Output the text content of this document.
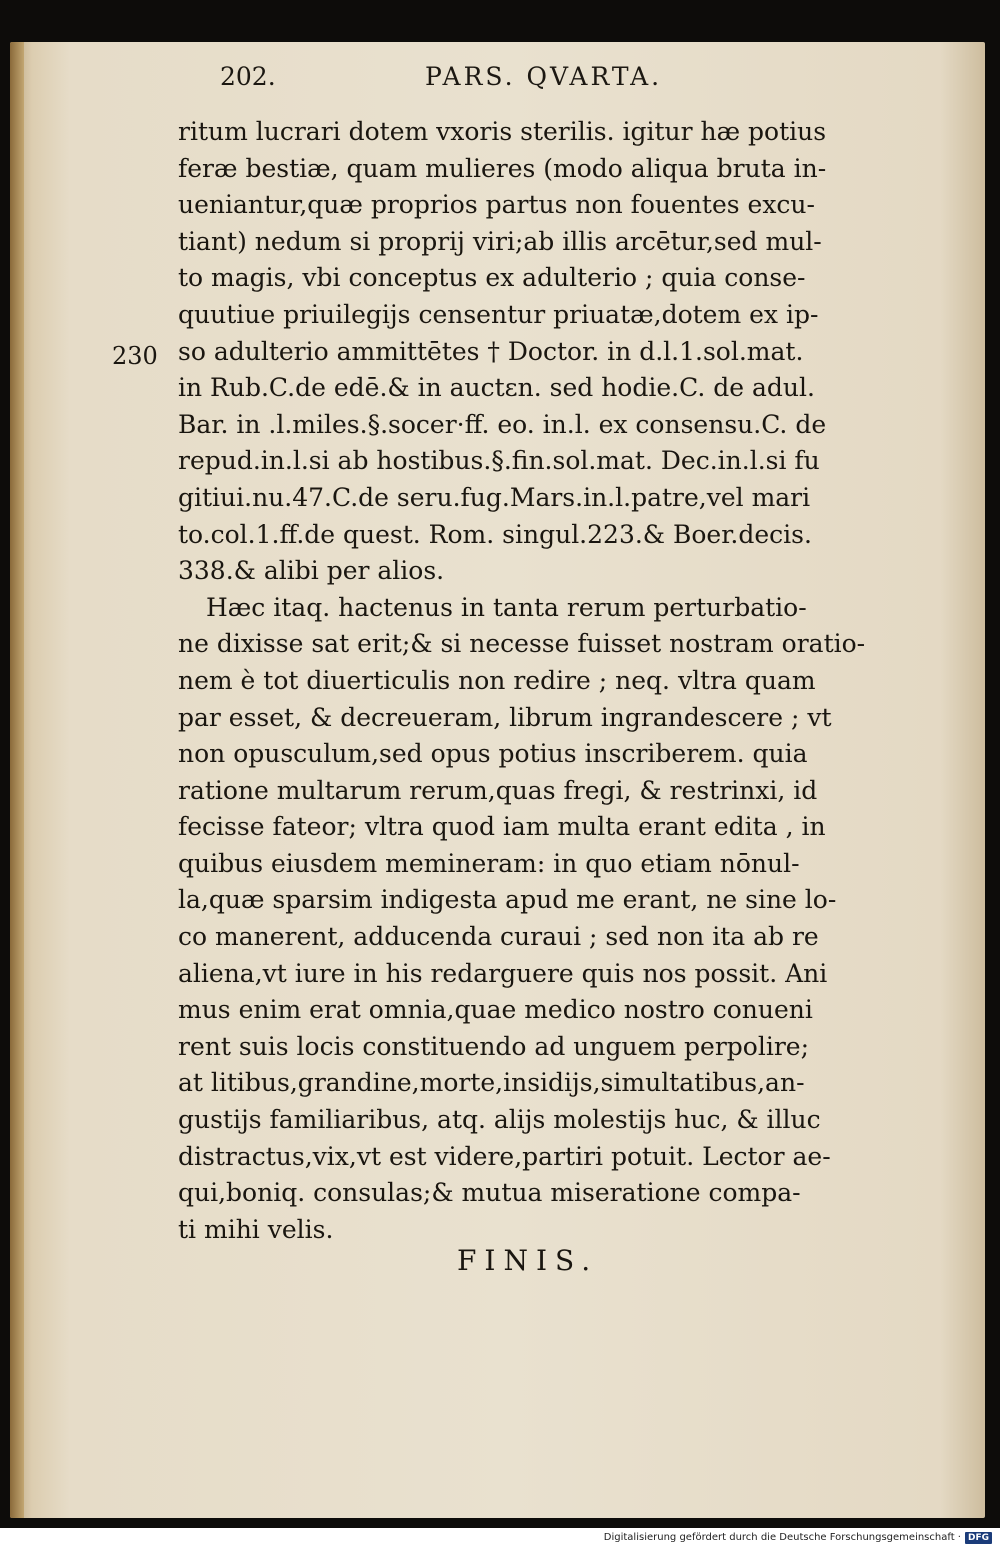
202.	PARS. QVARTA.
230
ritum lucrari dotem vxoris sterilis. igitur hæ potius
feræ bestiæ, quam mulieres (modo aliqua bruta in-
ueniantur,quæ proprios partus non fouentes excu-
tiant) nedum si proprij viri;ab illis arcētur,sed mul-
to magis, vbi conceptus ex adulterio ; quia conse-
quutiue priuilegijs censentur priuatæ,dotem ex ip-
so adulterio ammittētes † Doctor. in d.l.1.sol.mat.
in Rub.C.de edē.& in auctεn. sed hodie.C. de adul.
Bar. in .l.miles.§.socer·ff. eo. in.l. ex consensu.C. de
repud.in.l.si ab hostibus.§.fin.sol.mat. Dec.in.l.si fu
gitiui.nu.47.C.de seru.fug.Mars.in.l.patre,vel mari
to.col.1.ff.de quest. Rom. singul.223.& Boer.decis.
338.& alibi per alios.
Hæc itaq. hactenus in tanta rerum perturbatio-
ne dixisse sat erit;& si necesse fuisset nostram oratio-
nem è tot diuerticulis non redire ; neq. vltra quam
par esset, & decreueram, librum ingrandescere ; vt
non opusculum,sed opus potius inscriberem. quia
ratione multarum rerum,quas fregi, & restrinxi, id
fecisse fateor; vltra quod iam multa erant edita , in
quibus eiusdem memineram: in quo etiam nōnul-
la,quæ sparsim indigesta apud me erant, ne sine lo-
co manerent, adducenda curaui ; sed non ita ab re
aliena,vt iure in his redarguere quis nos possit. Ani
mus enim erat omnia,quae medico nostro conueni
rent suis locis constituendo ad unguem perpolire;
at litibus,grandine,morte,insidijs,simultatibus,an-
gustijs familiaribus, atq. alijs molestijs huc, & illuc
distractus,vix,vt est videre,partiri potuit. Lector ae-
qui,boniq. consulas;& mutua miseratione compa-
ti mihi velis.
FINIS.
Digitalisierung gefördert durch die Deutsche Forschungsgemeinschaft · DFG
